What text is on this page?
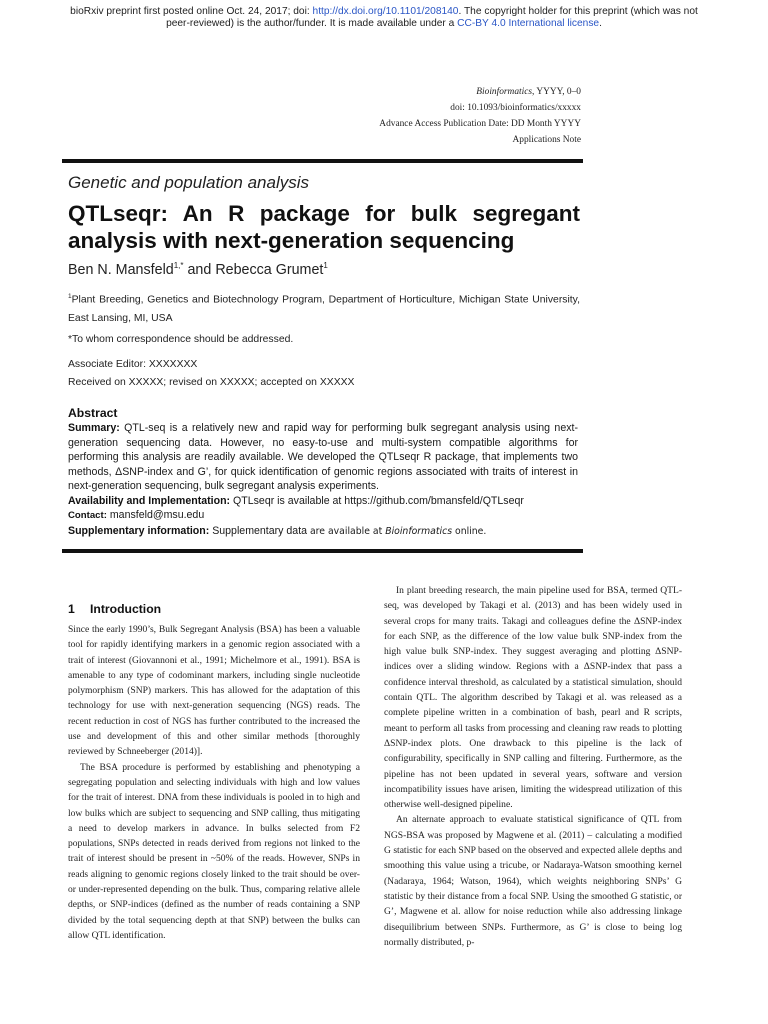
bioRxiv preprint first posted online Oct. 24, 2017; doi: http://dx.doi.org/10.1101/208140. The copyright holder for this preprint (which was not
peer-reviewed) is the author/funder. It is made available under a CC-BY 4.0 International license.
Bioinformatics, YYYY, 0–0
doi: 10.1093/bioinformatics/xxxxx
Advance Access Publication Date: DD Month YYYY
Applications Note
Genetic and population analysis
QTLseqr: An R package for bulk segregant
analysis with next-generation sequencing
Ben N. Mansfeld$^{1,*}$ and Rebecca Grumet$^1$
$^1$Plant Breeding, Genetics and Biotechnology Program, Department of Horticulture, Michigan State University, East Lansing, MI, USA
*To whom correspondence should be addressed.
Associate Editor: XXXXXXX
Received on XXXXX; revised on XXXXX; accepted on XXXXX
Abstract
Summary: QTL-seq is a relatively new and rapid way for performing bulk segregant analysis using next-generation sequencing data. However, no easy-to-use and multi-system compatible algorithms for performing this analysis are readily available. We developed the QTLseqr R package, that implements two methods, ΔSNP-index and G’, for quick identification of genomic regions associated with traits of interest in next-generation sequencing, bulk segregant analysis experiments.
Availability and Implementation: QTLseqr is available at https://github.com/bmansfeld/QTLseqr
Contact: mansfeld@msu.edu
Supplementary information: Supplementary data are available at Bioinformatics online.
1 Introduction

Since the early 1990’s, Bulk Segregant Analysis (BSA) has been a valuable tool for rapidly identifying markers in a genomic region associated with a trait of interest (Giovannoni et al., 1991; Michelmore et al., 1991). BSA is amenable to any type of codominant markers, including single nucleotide polymorphism (SNP) markers. This has allowed for the adaptation of this technology for use with next-generation sequencing (NGS) reads. The recent reduction in cost of NGS has further contributed to the increased the use and development of this and other similar methods [thoroughly reviewed by Schneeberger (2014)].

The BSA procedure is performed by establishing and phenotyping a segregating population and selecting individuals with high and low values for the trait of interest. DNA from these individuals is pooled in to high and low bulks which are subject to sequencing and SNP calling, thus mitigating a need to develop markers in advance. In bulks selected from F2 populations, SNPs detected in reads derived from regions not linked to the trait of interest should be present in ~50% of the reads. However, SNPs in reads aligning to genomic regions closely linked to the trait should be over- or under-represented depending on the bulk. Thus, comparing relative allele depths, or SNP-indices (defined as the number of reads containing a SNP divided by the total sequencing depth at that SNP) between the bulks can allow QTL identification.

In plant breeding research, the main pipeline used for BSA, termed QTL-seq, was developed by Takagi et al. (2013) and has been widely used in several crops for many traits. Takagi and colleagues define the ΔSNP-index for each SNP, as the difference of the low value bulk SNP-index from the high value bulk SNP-index. They suggest averaging and plotting ΔSNP-indices over a sliding window. Regions with a ΔSNP-index that pass a confidence interval threshold, as calculated by a statistical simulation, should contain QTL. The algorithm described by Takagi et al. was released as a complete pipeline written in a combination of bash, pearl and R scripts, meant to perform all tasks from processing and cleaning raw reads to plotting ΔSNP-index plots. One drawback to this pipeline is the lack of configurability, specifically in SNP calling and filtering. Furthermore, as the pipeline has not been updated in several years, software and version incompatibility issues have arisen, limiting the widespread utilization of this otherwise well-designed pipeline.

An alternate approach to evaluate statistical significance of QTL from NGS-BSA was proposed by Magwene et al. (2011) – calculating a modified G statistic for each SNP based on the observed and expected allele depths and smoothing this value using a tricube, or Nadaraya-Watson smoothing kernel (Nadaraya, 1964; Watson, 1964), which weights neighboring SNPs’ G statistic by their distance from a focal SNP. Using the smoothed G statistic, or G’, Magwene et al. allow for noise reduction while also addressing linkage disequilibrium between SNPs. Furthermore, as G’ is close to being log normally distributed, p-
